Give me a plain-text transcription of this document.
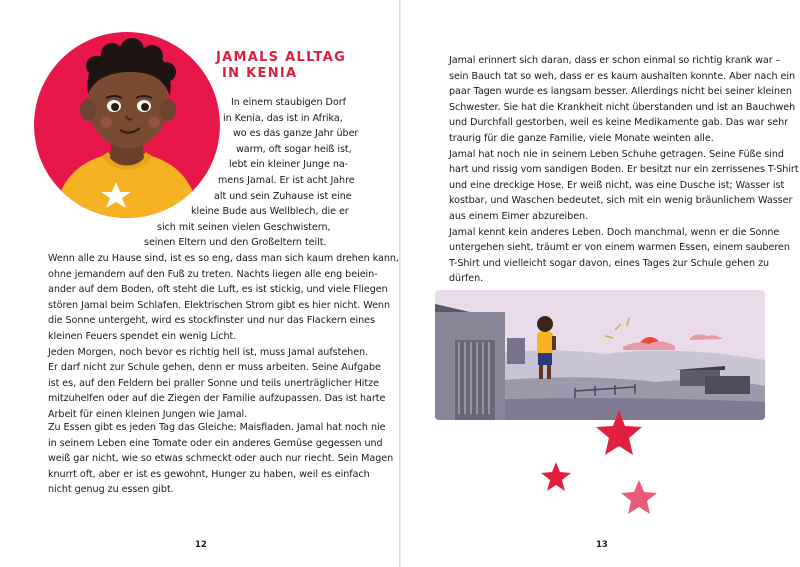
JAMALS ALLTAG
IN KENIA
In einem staubigen Dorf
in Kenia, das ist in Afrika,
wo es das ganze Jahr über
warm, oft sogar heiß ist,
lebt ein kleiner Junge na-
mens Jamal. Er ist acht Jahre
alt und sein Zuhause ist eine
kleine Bude aus Wellblech, die er
sich mit seinen vielen Geschwistern,
seinen Eltern und den Großeltern teilt.
Wenn alle zu Hause sind, ist es so eng, dass man sich kaum drehen kann,
ohne jemandem auf den Fuß zu treten. Nachts liegen alle eng beiein-
ander auf dem Boden, oft steht die Luft, es ist stickig, und viele Fliegen
stören Jamal beim Schlafen. Elektrischen Strom gibt es hier nicht. Wenn
die Sonne untergeht, wird es stockfinster und nur das Flackern eines
kleinen Feuers spendet ein wenig Licht.
Jeden Morgen, noch bevor es richtig hell ist, muss Jamal aufstehen.
Er darf nicht zur Schule gehen, denn er muss arbeiten. Seine Aufgabe
ist es, auf den Feldern bei praller Sonne und teils unerträglicher Hitze
mitzuhelfen oder auf die Ziegen der Familie aufzupassen. Das ist harte
Arbeit für einen kleinen Jungen wie Jamal.
Zu Essen gibt es jeden Tag das Gleiche: Maisfladen. Jamal hat noch nie
in seinem Leben eine Tomate oder ein anderes Gemüse gegessen und
weiß gar nicht, wie so etwas schmeckt oder auch nur riecht. Sein Magen
knurrt oft, aber er ist es gewohnt, Hunger zu haben, weil es einfach
nicht genug zu essen gibt.
12
Jamal erinnert sich daran, dass er schon einmal so richtig krank war –
sein Bauch tat so weh, dass er es kaum aushalten konnte. Aber nach ein
paar Tagen wurde es langsam besser. Allerdings nicht bei seiner kleinen
Schwester. Sie hat die Krankheit nicht überstanden und ist an Bauchweh
und Durchfall gestorben, weil es keine Medikamente gab. Das war sehr
traurig für die ganze Familie, viele Monate weinten alle.
Jamal hat noch nie in seinem Leben Schuhe getragen. Seine Füße sind
hart und rissig vom sandigen Boden. Er besitzt nur ein zerrissenes T-Shirt
und eine dreckige Hose. Er weiß nicht, was eine Dusche ist; Wasser ist
kostbar, und Waschen bedeutet, sich mit ein wenig bräunlichem Wasser
aus einem Eimer abzureiben.
Jamal kennt kein anderes Leben. Doch manchmal, wenn er die Sonne
untergehen sieht, träumt er von einem warmen Essen, einem sauberen
T-Shirt und vielleicht sogar davon, eines Tages zur Schule gehen zu
dürfen.
13
